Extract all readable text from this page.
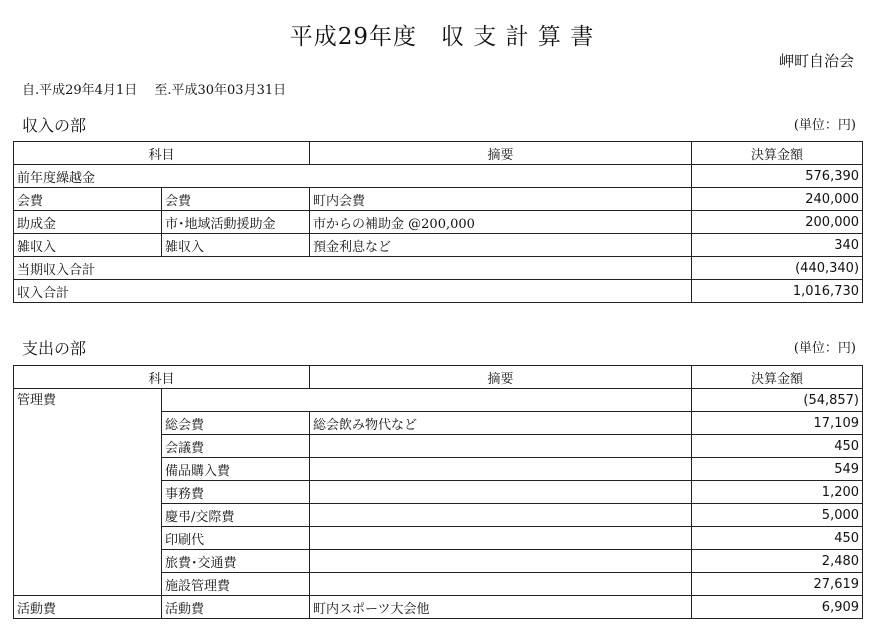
平成29年度　収 支 計 算 書
岬町自治会
自.平成29年4月1日　 至.平成30年03月31日
収入の部	(単位：円)
科目		摘要	決算金額
前年度繰越金			576,390
会費	会費	町内会費	240,000
助成金	市･地域活動援助金	市からの補助金 @200,000	200,000
雑収入	雑収入	預金利息など	340
当期収入合計			(440,340)
収入合計			1,016,730
支出の部	(単位：円)
科目		摘要	決算金額
管理費			(54,857)
	総会費	総会飲み物代など	17,109
	会議費		450
	備品購入費		549
	事務費		1,200
	慶弔/交際費		5,000
	印刷代		450
	旅費･交通費		2,480
	施設管理費		27,619
活動費	活動費	町内スポーツ大会他	6,909
